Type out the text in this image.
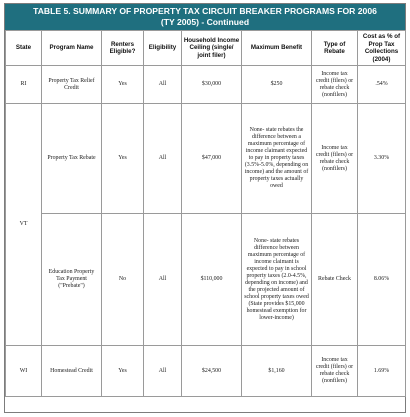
TABLE 5. SUMMARY OF PROPERTY TAX CIRCUIT BREAKER PROGRAMS FOR 2006
(TY 2005) - Continued
State	Program Name	Renters Eligible?	Eligibility	Household Income Ceiling (single/ joint filer)	Maximum Benefit	Type of Rebate	Cost as % of Prop Tax Collections (2004)
RI	Property Tax Relief Credit	Yes	All	$30,000	$250	Income tax credit (filers) or rebate check (nonfilers)	.54%
VT	Property Tax Rebate	Yes	All	$47,000	None- state rebates the difference between a maximum percentage of income claimant expected to pay in property taxes (3.5%-5.0%, depending on income) and the amount of property taxes actually owed	Income tax credit (filers) or rebate check (nonfilers)	3.30%
	Education Property Tax Payment ("Prebate")	No	All	$110,000	None- state rebates difference between maximum percentage of income claimant is expected to pay in school property taxes (2.0-4.5%, depending on income) and the projected amount of school property taxes owed (State provides $15,000 homestead exemption for lower-income)	Rebate Check	8.06%
WI	Homestead Credit	Yes	All	$24,500	$1,160	Income tax credit (filers) or rebate check (nonfilers)	1.69%
